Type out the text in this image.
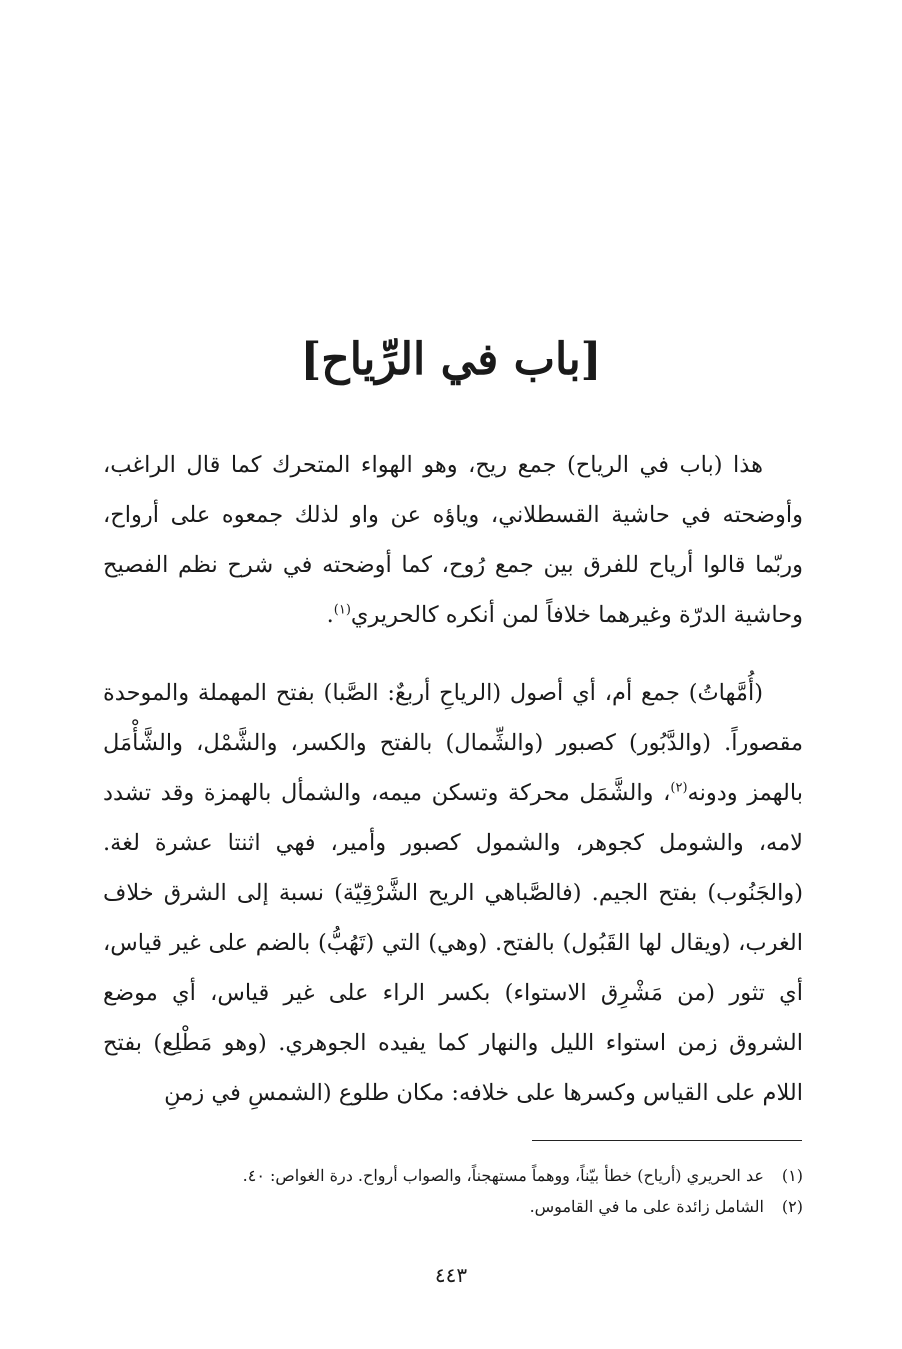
[باب في الرِّياح]

هذا (باب في الرياح) جمع ريح، وهو الهواء المتحرك كما قال الراغب، وأوضحته في حاشية القسطلاني، وياؤه عن واو لذلك جمعوه على أرواح، وربّما قالوا أرياح للفرق بين جمع رُوح، كما أوضحته في شرح نظم الفصيح وحاشية الدرّة وغيرهما خلافاً لمن أنكره كالحريري$^{(١)}$.

(أُمَّهاتُ) جمع أم، أي أصول (الرياحِ أربعٌ: الصَّبا) بفتح المهملة والموحدة مقصوراً. (والدَّبُور) كصبور (والشِّمال) بالفتح والكسر، والشَّمْل، والشَّأْمَل بالهمز ودونه$^{(٢)}$، والشَّمَل محركة وتسكن ميمه، والشمأل بالهمزة وقد تشدد لامه، والشومل كجوهر، والشمول كصبور وأمير، فهي اثنتا عشرة لغة. (والجَنُوب) بفتح الجيم. (فالصَّباهي الريح الشَّرْقِيّة) نسبة إلى الشرق خلاف الغرب، (ويقال لها القَبُول) بالفتح. (وهي) التي (تَهُبُّ) بالضم على غير قياس، أي تثور (من مَشْرِق الاستواء) بكسر الراء على غير قياس، أي موضع الشروق زمن استواء الليل والنهار كما يفيده الجوهري. (وهو مَطْلِع) بفتح اللام على القياس وكسرها على خلافه: مكان طلوع (الشمسِ في زمنِ

(١)
عد الحريري (أرياح) خطأ بيّناً، ووهماً مستهجناً، والصواب أرواح. درة الغواص: ٤٠.
(٢)
الشامل زائدة على ما في القاموس.
٤٤٣
